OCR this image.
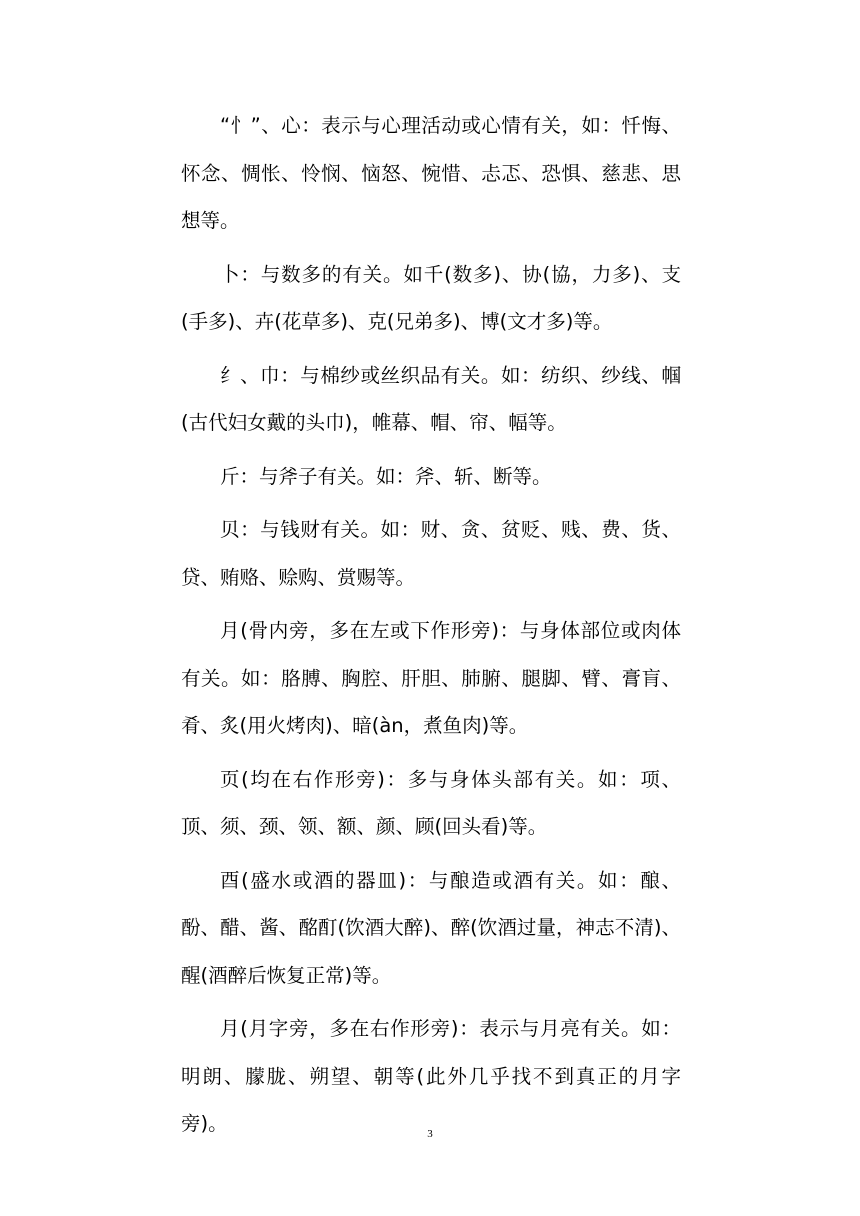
“忄”、心：表示与心理活动或心情有关，如：忏悔、怀念、惆怅、怜悯、恼怒、惋惜、忐忑、恐惧、慈悲、思想等。

卜：与数多的有关。如千(数多)、协(協，力多)、支(手多)、卉(花草多)、克(兄弟多)、博(文才多)等。

纟、巾：与棉纱或丝织品有关。如：纺织、纱线、帼(古代妇女戴的头巾)，帷幕、帽、帘、幅等。

斤：与斧子有关。如：斧、斩、断等。

贝：与钱财有关。如：财、贪、贫贬、贱、费、货、贷、贿赂、赊购、赏赐等。

月(骨内旁，多在左或下作形旁)：与身体部位或肉体有关。如：胳膊、胸腔、肝胆、肺腑、腿脚、臂、膏肓、肴、炙(用火烤肉)、暗(àn，煮鱼肉)等。

页(均在右作形旁)：多与身体头部有关。如：项、顶、须、颈、领、额、颜、顾(回头看)等。

酉(盛水或酒的器皿)：与酿造或酒有关。如：酿、酚、醋、酱、酩酊(饮酒大醉)、醉(饮酒过量，神志不清)、醒(酒醉后恢复正常)等。

月(月字旁，多在右作形旁)：表示与月亮有关。如：明朗、朦胧、朔望、朝等(此外几乎找不到真正的月字旁)。	3
